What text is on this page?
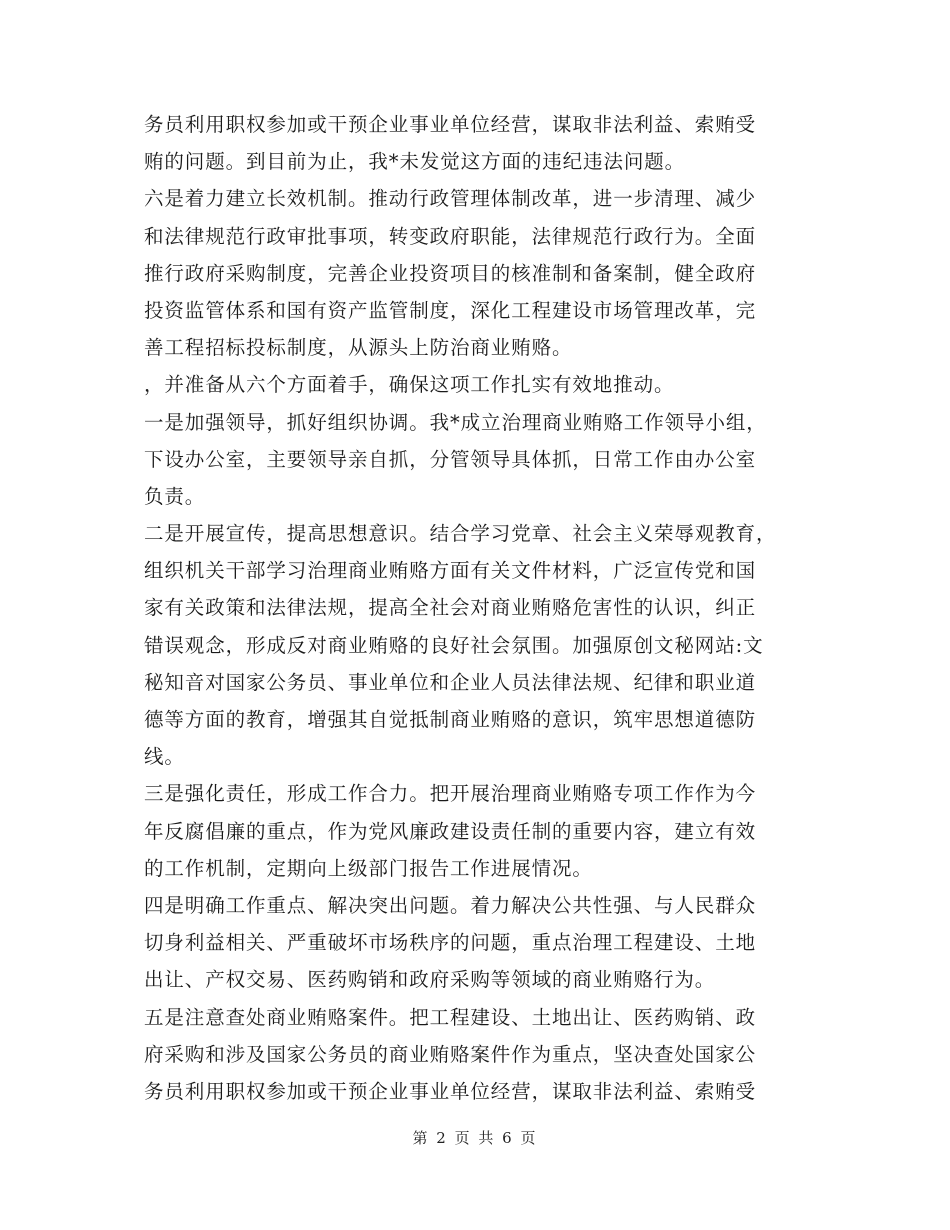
务员利用职权参加或干预企业事业单位经营，谋取非法利益、索贿受
贿的问题。到目前为止，我*未发觉这方面的违纪违法问题。
六是着力建立长效机制。推动行政管理体制改革，进一步清理、减少
和法律规范行政审批事项，转变政府职能，法律规范行政行为。全面
推行政府采购制度，完善企业投资项目的核准制和备案制，健全政府
投资监管体系和国有资产监管制度，深化工程建设市场管理改革，完
善工程招标投标制度，从源头上防治商业贿赂。
，并准备从六个方面着手，确保这项工作扎实有效地推动。
一是加强领导，抓好组织协调。我*成立治理商业贿赂工作领导小组，
下设办公室，主要领导亲自抓，分管领导具体抓，日常工作由办公室
负责。
二是开展宣传，提高思想意识。结合学习党章、社会主义荣辱观教育，
组织机关干部学习治理商业贿赂方面有关文件材料，广泛宣传党和国
家有关政策和法律法规，提高全社会对商业贿赂危害性的认识，纠正
错误观念，形成反对商业贿赂的良好社会氛围。加强原创文秘网站:文
秘知音对国家公务员、事业单位和企业人员法律法规、纪律和职业道
德等方面的教育，增强其自觉抵制商业贿赂的意识，筑牢思想道德防
线。
三是强化责任，形成工作合力。把开展治理商业贿赂专项工作作为今
年反腐倡廉的重点，作为党风廉政建设责任制的重要内容，建立有效
的工作机制，定期向上级部门报告工作进展情况。
四是明确工作重点、解决突出问题。着力解决公共性强、与人民群众
切身利益相关、严重破坏市场秩序的问题，重点治理工程建设、土地
出让、产权交易、医药购销和政府采购等领域的商业贿赂行为。
五是注意查处商业贿赂案件。把工程建设、土地出让、医药购销、政
府采购和涉及国家公务员的商业贿赂案件作为重点，坚决查处国家公
务员利用职权参加或干预企业事业单位经营，谋取非法利益、索贿受
第 2 页 共 6 页
